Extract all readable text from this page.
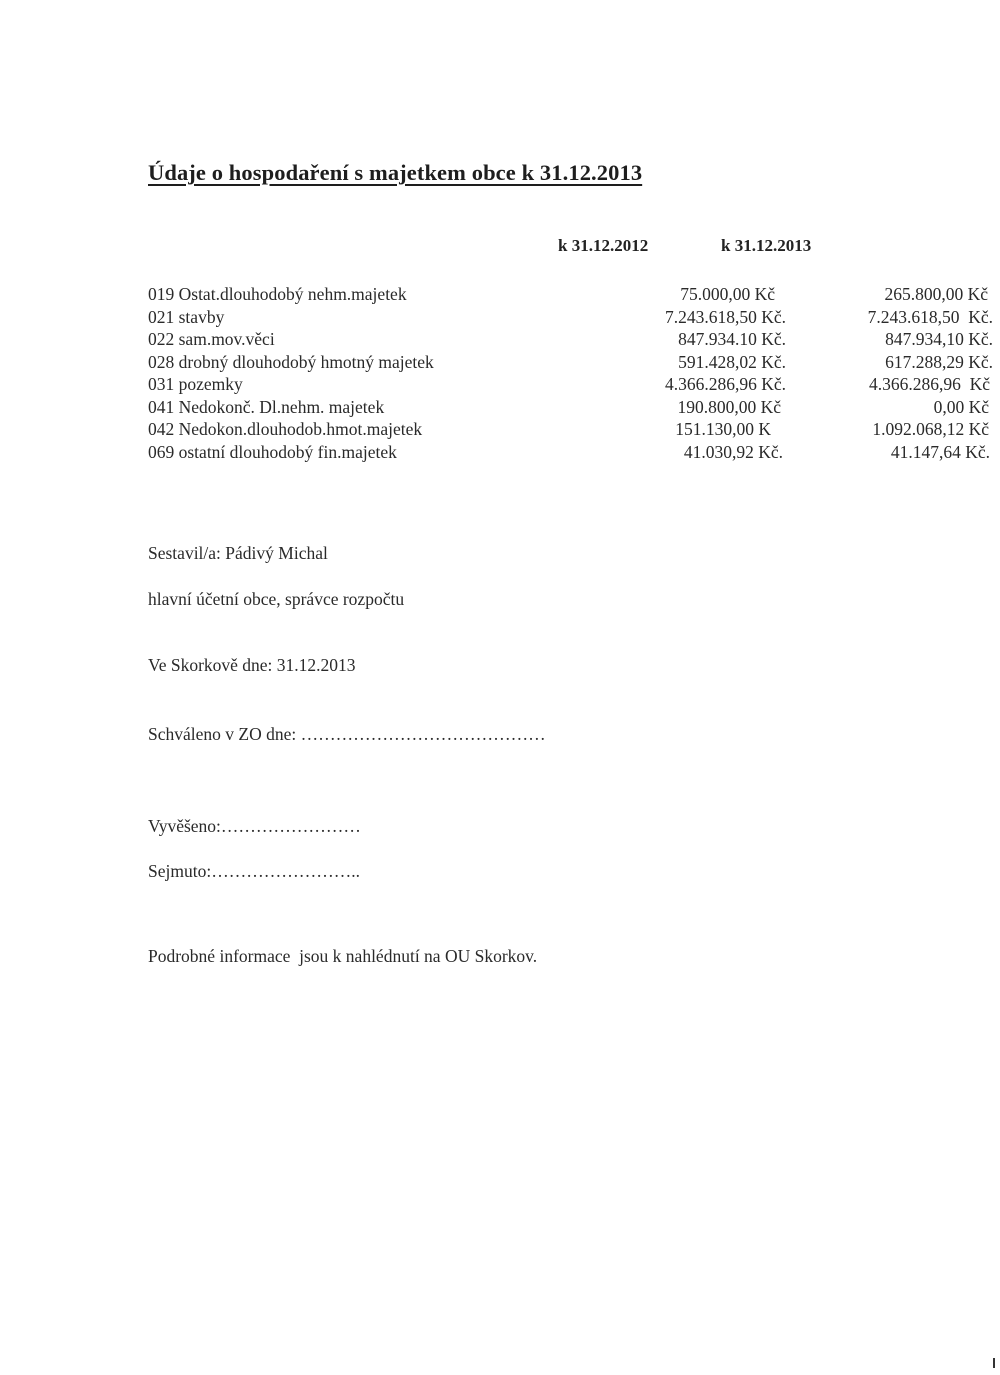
Údaje o hospodaření s majetkem obce k 31.12.2013
k 31.12.2012	k 31.12.2013
019 Ostat.dlouhodobý nehm.majetek	75.000,00 Kč	265.800,00 Kč
021 stavby	7.243.618,50 Kč.	7.243.618,50  Kč.
022 sam.mov.věci	847.934.10 Kč.	847.934,10 Kč.
028 drobný dlouhodobý hmotný majetek	591.428,02 Kč.	617.288,29 Kč.
031 pozemky	4.366.286,96 Kč.	4.366.286,96  Kč
041 Nedokonč. Dl.nehm. majetek	190.800,00 Kč	0,00 Kč
042 Nedokon.dlouhodob.hmot.majetek	151.130,00 K	1.092.068,12 Kč
069 ostatní dlouhodobý fin.majetek	41.030,92 Kč.	41.147,64 Kč.
Sestavil/a: Pádivý Michal
hlavní účetní obce, správce rozpočtu
Ve Skorkově dne: 31.12.2013
Schváleno v ZO dne: ……………………………………
Vyvěšeno:……………………
Sejmuto:……………………..
Podrobné informace  jsou k nahlédnutí na OU Skorkov.
